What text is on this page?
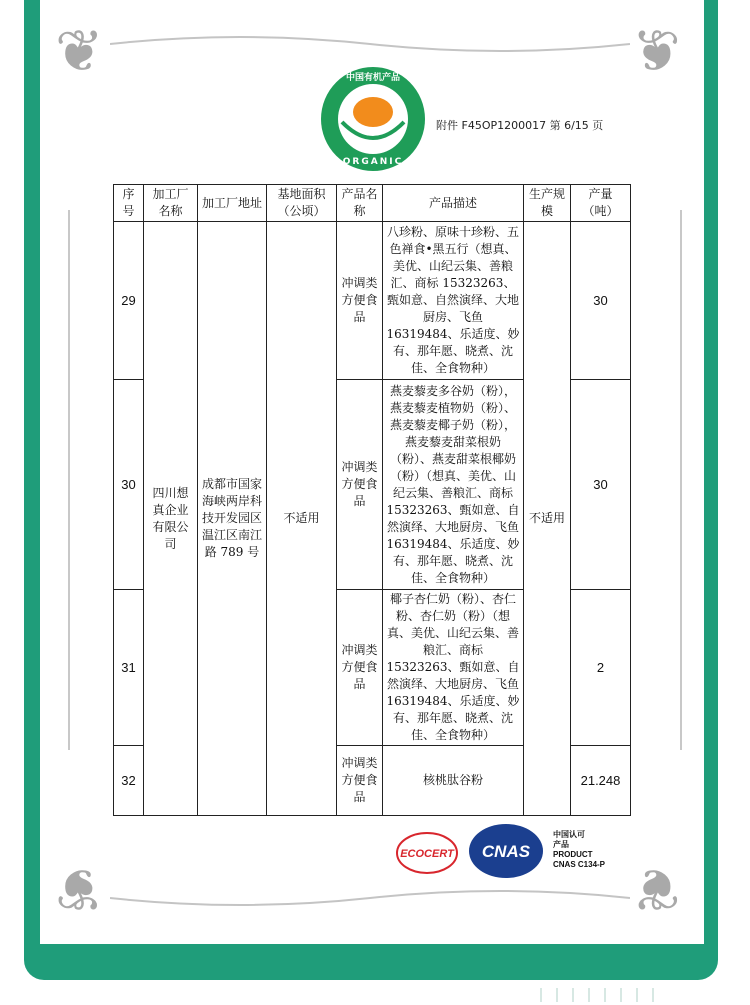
❦	❦
❦	❦
中国有机产品
ORGANIC
附件 F45OP1200017 第 6/15 页
序号	加工厂名称	加工厂地址	基地面积（公顷）	产品名称	产品描述	生产规模	产量（吨）
29	四川想真企业有限公司	成都市国家海峡两岸科技开发园区温江区南江路 789 号	不适用	冲调类方便食品	八珍粉、原味十珍粉、五色禅食•黑五行（想真、美优、山纪云集、善粮汇、商标 15323263、甄如意、自然演绎、大地厨房、飞鱼 16319484、乐适度、妙有、那年愿、晓煮、沈佳、全食物种）	不适用	30
30				冲调类方便食品	燕麦藜麦多谷奶（粉），燕麦藜麦植物奶（粉）、燕麦藜麦椰子奶（粉），燕麦藜麦甜菜根奶（粉）、燕麦甜菜根椰奶（粉）（想真、美优、山纪云集、善粮汇、商标 15323263、甄如意、自然演绎、大地厨房、飞鱼 16319484、乐适度、妙有、那年愿、晓煮、沈佳、全食物种）		30
31				冲调类方便食品	椰子杏仁奶（粉）、杏仁粉、杏仁奶（粉）（想真、美优、山纪云集、善粮汇、商标 15323263、甄如意、自然演绎、大地厨房、飞鱼 16319484、乐适度、妙有、那年愿、晓煮、沈佳、全食物种）		2
32				冲调类方便食品	核桃肽谷粉		21.248
ECOCERT CNAS
中国认可
产品
PRODUCT
CNAS C134-P
